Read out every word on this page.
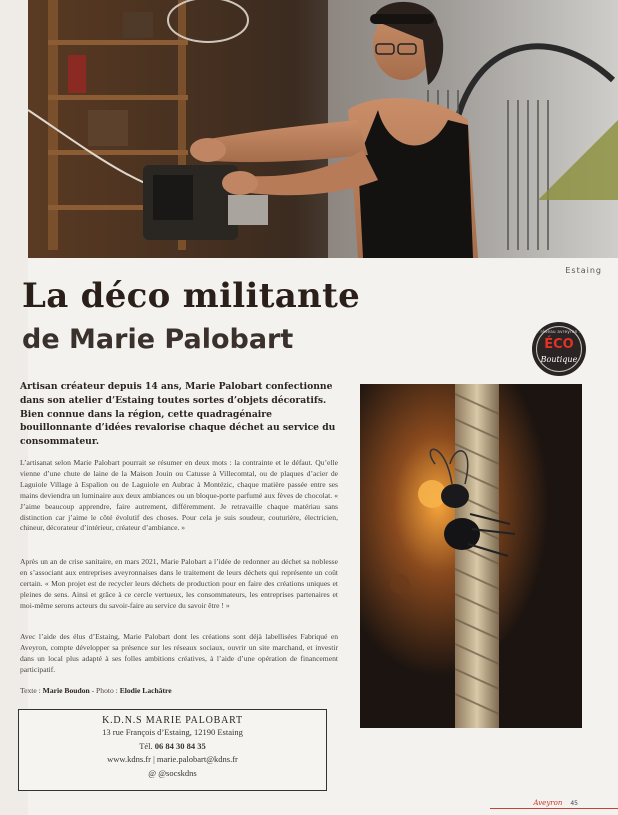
Estaing
La déco militante
de Marie Palobart	« réseau avreyron »
ÉCO
Boutique

Artisan créateur depuis 14 ans, Marie Palobart confectionne dans son atelier d’Estaing toutes sortes d’objets décoratifs. Bien connue dans la région, cette quadragénaire bouillonnante d’idées revalorise chaque déchet au service du consommateur.

L’artisanat selon Marie Palobart pourrait se résumer en deux mots : la contrainte et le défaut. Qu’elle vienne d’une chute de laine de la Maison Jouin ou Catusse à Villecomtal, ou de plaques d’acier de Laguiole Village à Espalion ou de Laguiole en Aubrac à Montézic, chaque matière passée entre ses mains deviendra un luminaire aux deux ambiances ou un bloque-porte parfumé aux fèves de chocolat. « J’aime beaucoup apprendre, faire autrement, différemment. Je retravaille chaque matériau sans distinction car j’aime le côté évolutif des choses. Pour cela je suis soudeur, couturière, électricien, chineur, décorateur d’intérieur, créateur d’ambiance. »

Après un an de crise sanitaire, en mars 2021, Marie Palobart a l’idée de redonner au déchet sa noblesse en s’associant aux entreprises aveyronnaises dans le traitement de leurs déchets qui représente un coût certain. « Mon projet est de recycler leurs déchets de production pour en faire des créations uniques et pleines de sens. Ainsi et grâce à ce cercle vertueux, les consommateurs, les entreprises partenaires et moi-même serons acteurs du savoir-faire au service du savoir être ! »

Avec l’aide des élus d’Estaing, Marie Palobart dont les créations sont déjà labellisées Fabriqué en Aveyron, compte développer sa présence sur les réseaux sociaux, ouvrir un site marchand, et investir dans un local plus adapté à ses folles ambitions créatives, à l’aide d’une opération de financement participatif.

Texte : Marie Boudon - Photo : Elodie Lachâtre
K.D.N.S MARIE PALOBART
13 rue François d’Estaing, 12190 Estaing
Tél. 06 84 30 84 35
www.kdns.fr | marie.palobart@kdns.fr
@ @socskdns
Aveyron 45
